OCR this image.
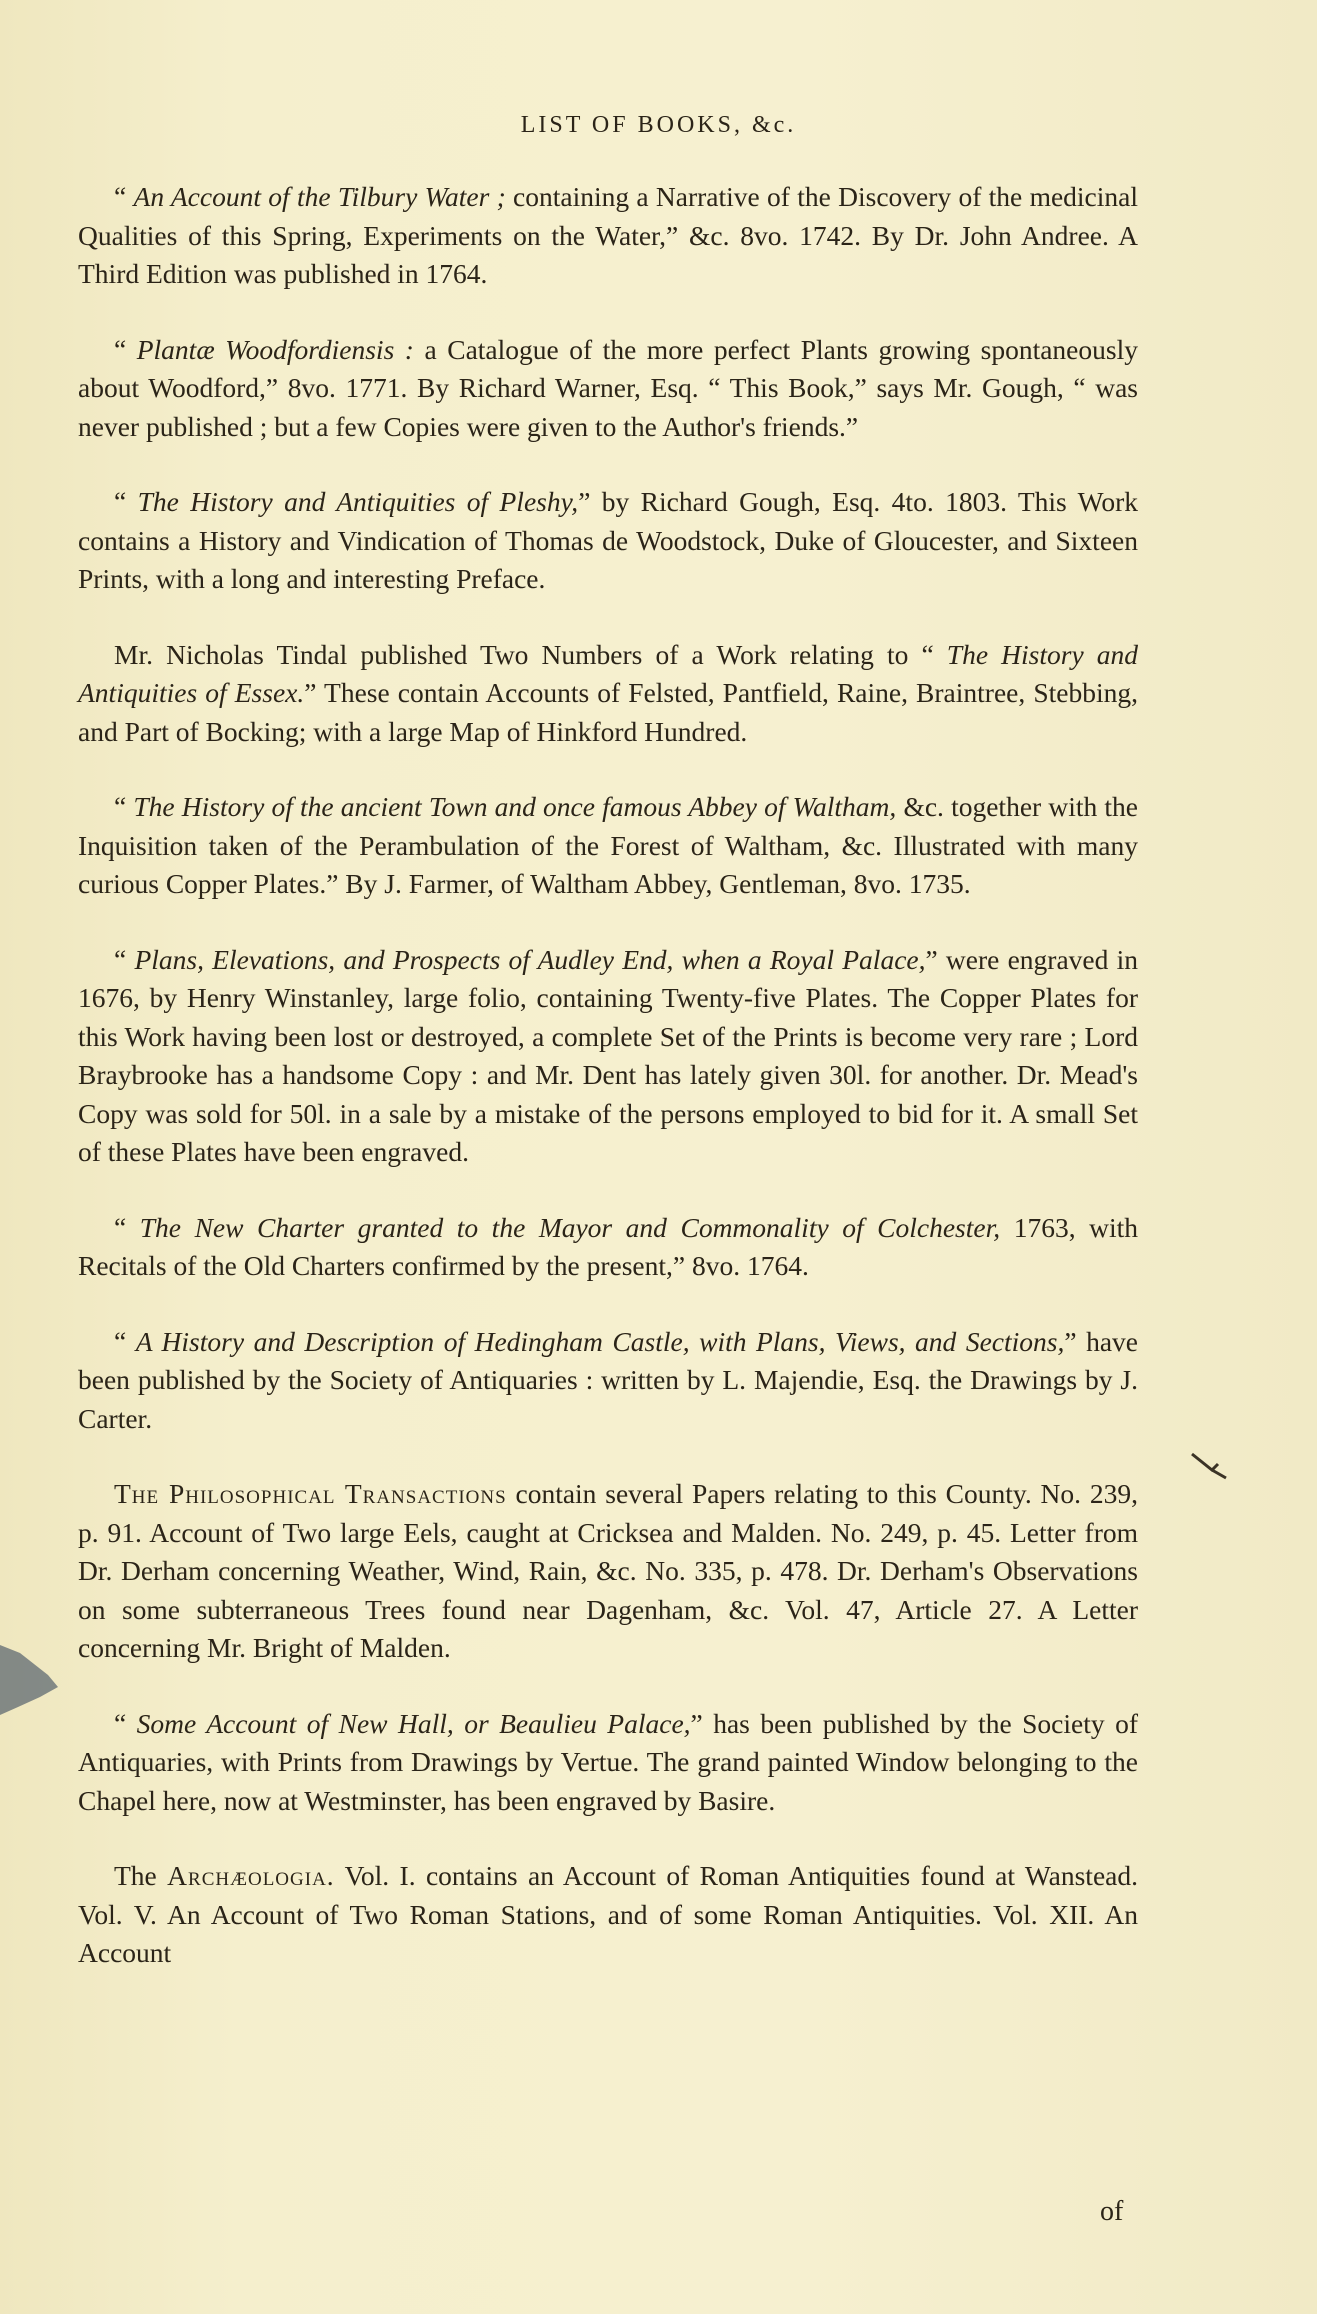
LIST OF BOOKS, &c.

“ An Account of the Tilbury Water ; containing a Narrative of the Discovery of the medicinal Qualities of this Spring, Experiments on the Water,” &c. 8vo. 1742. By Dr. John Andree. A Third Edition was published in 1764.

“ Plantæ Woodfordiensis : a Catalogue of the more perfect Plants growing spontaneously about Woodford,” 8vo. 1771. By Richard Warner, Esq. “ This Book,” says Mr. Gough, “ was never published ; but a few Copies were given to the Author's friends.”

“ The History and Antiquities of Pleshy,” by Richard Gough, Esq. 4to. 1803. This Work contains a History and Vindication of Thomas de Woodstock, Duke of Gloucester, and Sixteen Prints, with a long and interesting Preface.

Mr. Nicholas Tindal published Two Numbers of a Work relating to “ The History and Antiquities of Essex.” These contain Accounts of Felsted, Pantfield, Raine, Braintree, Stebbing, and Part of Bocking; with a large Map of Hinkford Hundred.

“ The History of the ancient Town and once famous Abbey of Waltham, &c. together with the Inquisition taken of the Perambulation of the Forest of Waltham, &c. Illustrated with many curious Copper Plates.” By J. Farmer, of Waltham Abbey, Gentleman, 8vo. 1735.

“ Plans, Elevations, and Prospects of Audley End, when a Royal Palace,” were engraved in 1676, by Henry Winstanley, large folio, containing Twenty-five Plates. The Copper Plates for this Work having been lost or destroyed, a complete Set of the Prints is become very rare ; Lord Braybrooke has a handsome Copy : and Mr. Dent has lately given 30l. for another. Dr. Mead's Copy was sold for 50l. in a sale by a mistake of the persons employed to bid for it. A small Set of these Plates have been engraved.

“ The New Charter granted to the Mayor and Commonality of Colchester, 1763, with Recitals of the Old Charters confirmed by the present,” 8vo. 1764.

“ A History and Description of Hedingham Castle, with Plans, Views, and Sections,” have been published by the Society of Antiquaries : written by L. Majendie, Esq. the Drawings by J. Carter.

The Philosophical Transactions contain several Papers relating to this County. No. 239, p. 91. Account of Two large Eels, caught at Cricksea and Malden. No. 249, p. 45. Letter from Dr. Derham concerning Weather, Wind, Rain, &c. No. 335, p. 478. Dr. Derham's Observations on some subterraneous Trees found near Dagenham, &c. Vol. 47, Article 27. A Letter concerning Mr. Bright of Malden.

“ Some Account of New Hall, or Beaulieu Palace,” has been published by the Society of Antiquaries, with Prints from Drawings by Vertue. The grand painted Window belonging to the Chapel here, now at Westminster, has been engraved by Basire.

The Archæologia. Vol. I. contains an Account of Roman Antiquities found at Wanstead. Vol. V. An Account of Two Roman Stations, and of some Roman Antiquities. Vol. XII. An Account

of
